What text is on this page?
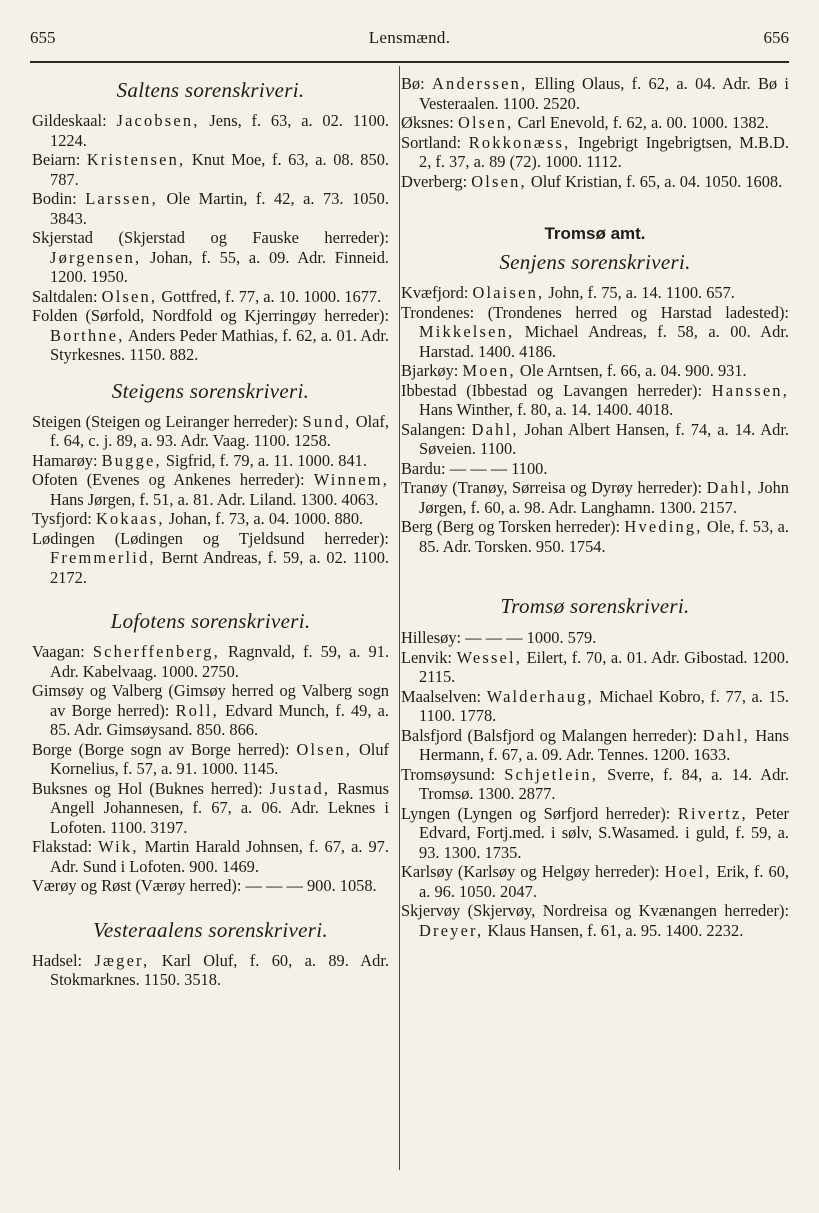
655	Lensmænd.	656
Saltens sorenskriveri.

Gildeskaal: Jacobsen, Jens, f. 63, a. 02. 1100. 1224.

Beiarn: Kristensen, Knut Moe, f. 63, a. 08. 850. 787.

Bodin: Larssen, Ole Martin, f. 42, a. 73. 1050. 3843.

Skjerstad (Skjerstad og Fauske herreder): Jørgensen, Johan, f. 55, a. 09. Adr. Finneid. 1200. 1950.

Saltdalen: Olsen, Gottfred, f. 77, a. 10. 1000. 1677.

Folden (Sørfold, Nordfold og Kjerringøy herreder): Borthne, Anders Peder Mathias, f. 62, a. 01. Adr. Styrkesnes. 1150. 882.

Steigens sorenskriveri.

Steigen (Steigen og Leiranger herreder): Sund, Olaf, f. 64, c. j. 89, a. 93. Adr. Vaag. 1100. 1258.

Hamarøy: Bugge, Sigfrid, f. 79, a. 11. 1000. 841.

Ofoten (Evenes og Ankenes herreder): Winnem, Hans Jørgen, f. 51, a. 81. Adr. Liland. 1300. 4063.

Tysfjord: Kokaas, Johan, f. 73, a. 04. 1000. 880.

Lødingen (Lødingen og Tjeldsund herreder): Fremmerlid, Bernt Andreas, f. 59, a. 02. 1100. 2172.

Lofotens sorenskriveri.

Vaagan: Scherffenberg, Ragnvald, f. 59, a. 91. Adr. Kabelvaag. 1000. 2750.

Gimsøy og Valberg (Gimsøy herred og Valberg sogn av Borge herred): Roll, Edvard Munch, f. 49, a. 85. Adr. Gimsøysand. 850. 866.

Borge (Borge sogn av Borge herred): Olsen, Oluf Kornelius, f. 57, a. 91. 1000. 1145.

Buksnes og Hol (Buknes herred): Justad, Rasmus Angell Johannesen, f. 67, a. 06. Adr. Leknes i Lofoten. 1100. 3197.

Flakstad: Wik, Martin Harald Johnsen, f. 67, a. 97. Adr. Sund i Lofoten. 900. 1469.

Værøy og Røst (Værøy herred): — — — 900. 1058.

Vesteraalens sorenskriveri.

Hadsel: Jæger, Karl Oluf, f. 60, a. 89. Adr. Stokmarknes. 1150. 3518.

Bø: Anderssen, Elling Olaus, f. 62, a. 04. Adr. Bø i Vesteraalen. 1100. 2520.

Øksnes: Olsen, Carl Enevold, f. 62, a. 00. 1000. 1382.

Sortland: Rokkonæss, Ingebrigt Ingebrigtsen, M.B.D. 2, f. 37, a. 89 (72). 1000. 1112.

Dverberg: Olsen, Oluf Kristian, f. 65, a. 04. 1050. 1608.

Tromsø amt.
Senjens sorenskriveri.

Kvæfjord: Olaisen, John, f. 75, a. 14. 1100. 657.

Trondenes: (Trondenes herred og Harstad ladested): Mikkelsen, Michael Andreas, f. 58, a. 00. Adr. Harstad. 1400. 4186.

Bjarkøy: Moen, Ole Arntsen, f. 66, a. 04. 900. 931.

Ibbestad (Ibbestad og Lavangen herreder): Hanssen, Hans Winther, f. 80, a. 14. 1400. 4018.

Salangen: Dahl, Johan Albert Hansen, f. 74, a. 14. Adr. Søveien. 1100.

Bardu: — — — 1100.

Tranøy (Tranøy, Sørreisa og Dyrøy herreder): Dahl, John Jørgen, f. 60, a. 98. Adr. Langhamn. 1300. 2157.

Berg (Berg og Torsken herreder): Hveding, Ole, f. 53, a. 85. Adr. Torsken. 950. 1754.

Tromsø sorenskriveri.

Hillesøy: — — — 1000. 579.

Lenvik: Wessel, Eilert, f. 70, a. 01. Adr. Gibostad. 1200. 2115.

Maalselven: Walderhaug, Michael Kobro, f. 77, a. 15. 1100. 1778.

Balsfjord (Balsfjord og Malangen herreder): Dahl, Hans Hermann, f. 67, a. 09. Adr. Tennes. 1200. 1633.

Tromsøysund: Schjetlein, Sverre, f. 84, a. 14. Adr. Tromsø. 1300. 2877.

Lyngen (Lyngen og Sørfjord herreder): Rivertz, Peter Edvard, Fortj.med. i sølv, S.Wasamed. i guld, f. 59, a. 93. 1300. 1735.

Karlsøy (Karlsøy og Helgøy herreder): Hoel, Erik, f. 60, a. 96. 1050. 2047.

Skjervøy (Skjervøy, Nordreisa og Kvænangen herreder): Dreyer, Klaus Hansen, f. 61, a. 95. 1400. 2232.
